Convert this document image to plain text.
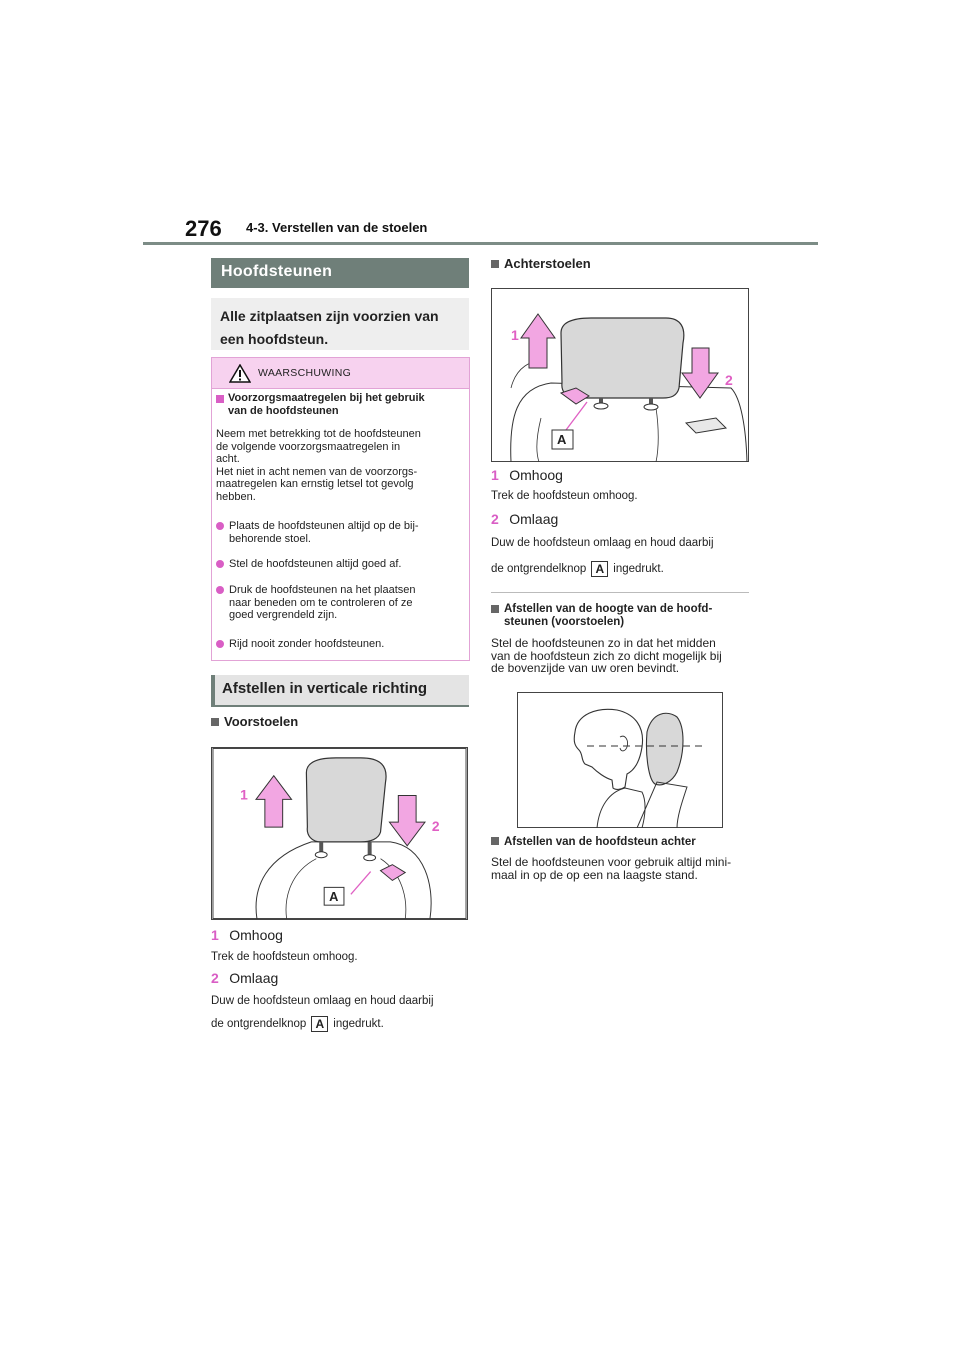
276 4-3. Verstellen van de stoelen
Hoofdsteunen
Alle zitplaatsen zijn voorzien van een hoofdsteun.
WAARSCHUWING
Voorzorgsmaatregelen bij het gebruik van de hoofdsteunen
Neem met betrekking tot de hoofdsteunen
de volgende voorzorgsmaatregelen in
acht.
Het niet in acht nemen van de voorzorgs-
maatregelen kan ernstig letsel tot gevolg
hebben.
Plaats de hoofdsteunen altijd op de bij-
behorende stoel.
Stel de hoofdsteunen altijd goed af.
Druk de hoofdsteunen na het plaatsen
naar beneden om te controleren of ze
goed vergrendeld zijn.
Rijd nooit zonder hoofdsteunen.
Afstellen in verticale richting
Voorstoelen
A
1
2
1 Omhoog
Trek de hoofdsteun omhoog.
2 Omlaag
Duw de hoofdsteun omlaag en houd daarbij
de ontgrendelknop A ingedrukt.
Achterstoelen
A
1
2
1 Omhoog
Trek de hoofdsteun omhoog.
2 Omlaag
Duw de hoofdsteun omlaag en houd daarbij
de ontgrendelknop A ingedrukt.
Afstellen van de hoogte van de hoofd-
steunen (voorstoelen)
Stel de hoofdsteunen zo in dat het midden
van de hoofdsteun zich zo dicht mogelijk bij
de bovenzijde van uw oren bevindt.
Afstellen van de hoofdsteun achter
Stel de hoofdsteunen voor gebruik altijd mini-
maal in op de op een na laagste stand.
